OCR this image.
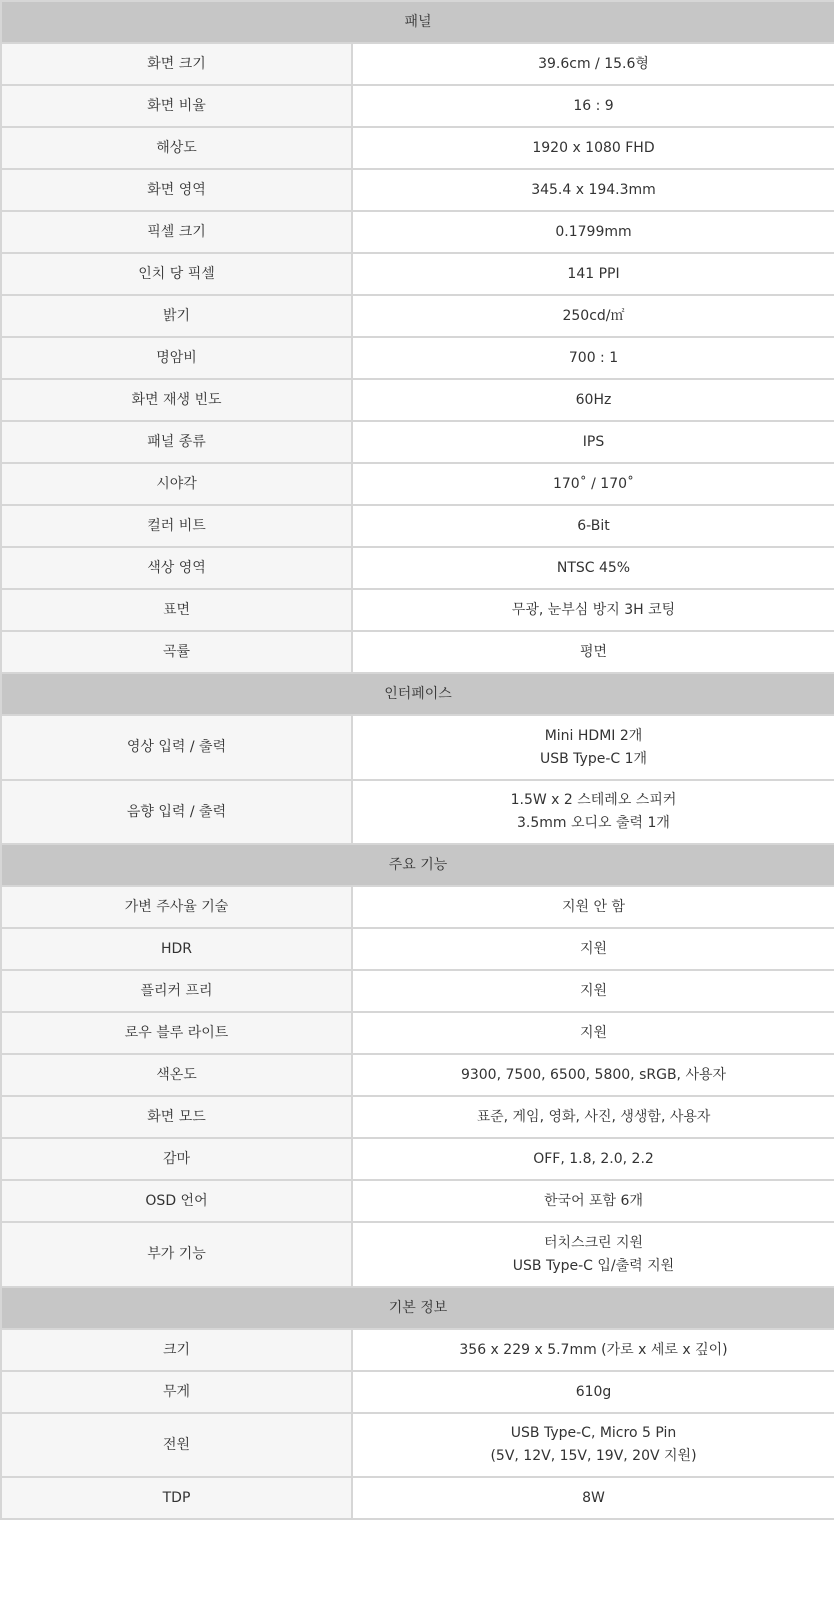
패널	
화면 크기	39.6cm / 15.6형

화면 비율	16 : 9

해상도	1920 x 1080 FHD

화면 영역	345.4 x 194.3mm

픽셀 크기	0.1799mm

인치 당 픽셀	141 PPI

밝기	250cd/㎡

명암비	700 : 1

화면 재생 빈도	60Hz

패널 종류	IPS

시야각	170˚ / 170˚

컬러 비트	6-Bit

색상 영역	NTSC 45%

표면	무광, 눈부심 방지 3H 코팅

곡률	평면

인터페이스	
영상 입력 / 출력	Mini HDMI 2개
USB Type-C 1개

음향 입력 / 출력	1.5W x 2 스테레오 스피커
3.5mm 오디오 출력 1개

주요 기능	
가변 주사율 기술	지원 안 함

HDR	지원

플리커 프리	지원

로우 블루 라이트	지원

색온도	9300, 7500, 6500, 5800, sRGB, 사용자

화면 모드	표준, 게임, 영화, 사진, 생생함, 사용자

감마	OFF, 1.8, 2.0, 2.2

OSD 언어	한국어 포함 6개

부가 기능	터치스크린 지원
USB Type-C 입/출력 지원

기본 정보	
크기	356 x 229 x 5.7mm (가로 x 세로 x 깊이)

무게	610g

전원	USB Type-C, Micro 5 Pin
(5V, 12V, 15V, 19V, 20V 지원)

TDP	8W
